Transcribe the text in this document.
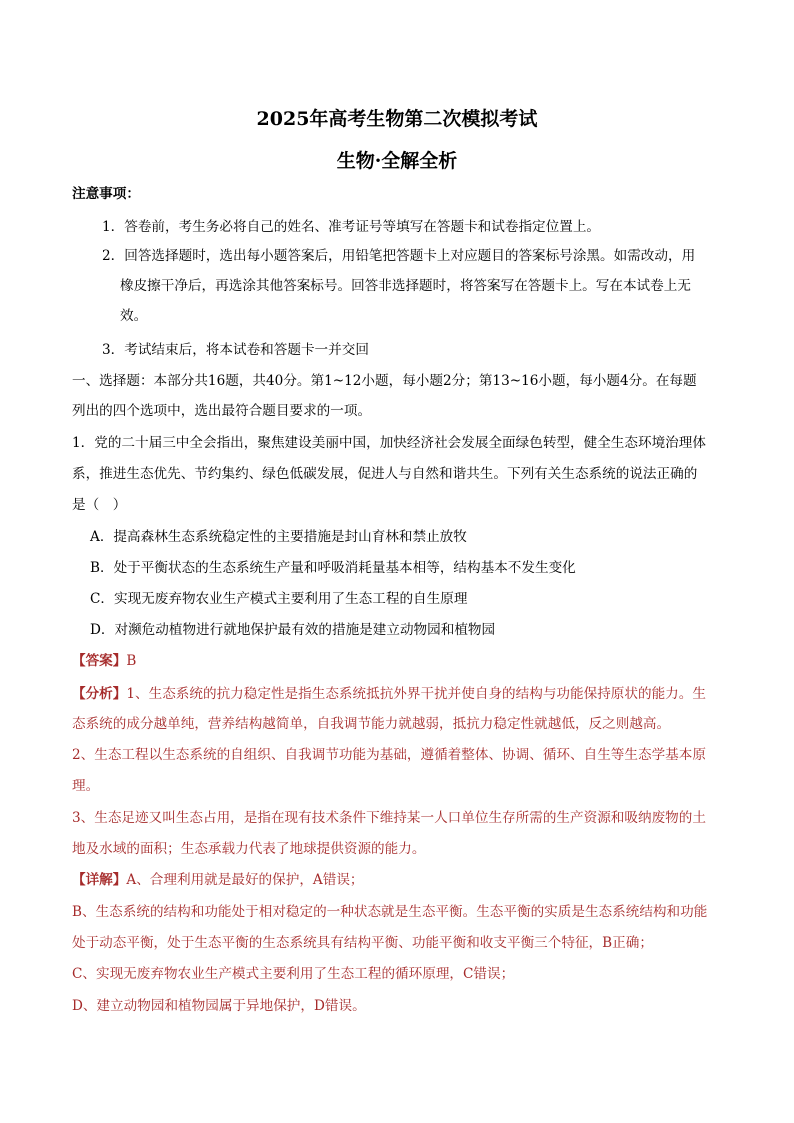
2025年高考生物第二次模拟考试
生物·全解全析
注意事项：
1．答卷前，考生务必将自己的姓名、准考证号等填写在答题卡和试卷指定位置上。
2．回答选择题时，选出每小题答案后，用铅笔把答题卡上对应题目的答案标号涂黑。如需改动，用
橡皮擦干净后，再选涂其他答案标号。回答非选择题时，将答案写在答题卡上。写在本试卷上无
效。
3．考试结束后，将本试卷和答题卡一并交回
一、选择题：本部分共16题，共40分。第1~12小题，每小题2分；第13~16小题，每小题4分。在每题
列出的四个选项中，选出最符合题目要求的一项。
1．党的二十届三中全会指出，聚焦建设美丽中国，加快经济社会发展全面绿色转型，健全生态环境治理体
系，推进生态优先、节约集约、绿色低碳发展，促进人与自然和谐共生。下列有关生态系统的说法正确的
是（　）
A．提高森林生态系统稳定性的主要措施是封山育林和禁止放牧
B．处于平衡状态的生态系统生产量和呼吸消耗量基本相等，结构基本不发生变化
C．实现无废弃物农业生产模式主要利用了生态工程的自生原理
D．对濒危动植物进行就地保护最有效的措施是建立动物园和植物园
【答案】B
【分析】1、生态系统的抗力稳定性是指生态系统抵抗外界干扰并使自身的结构与功能保持原状的能力。生
态系统的成分越单纯，营养结构越简单，自我调节能力就越弱，抵抗力稳定性就越低，反之则越高。
2、生态工程以生态系统的自组织、自我调节功能为基础，遵循着整体、协调、循环、自生等生态学基本原
理。
3、生态足迹又叫生态占用，是指在现有技术条件下维持某一人口单位生存所需的生产资源和吸纳废物的土
地及水域的面积；生态承载力代表了地球提供资源的能力。
【详解】A、合理利用就是最好的保护，A错误；
B、生态系统的结构和功能处于相对稳定的一种状态就是生态平衡。生态平衡的实质是生态系统结构和功能
处于动态平衡，处于生态平衡的生态系统具有结构平衡、功能平衡和收支平衡三个特征，B正确；
C、实现无废弃物农业生产模式主要利用了生态工程的循环原理，C错误；
D、建立动物园和植物园属于异地保护，D错误。
